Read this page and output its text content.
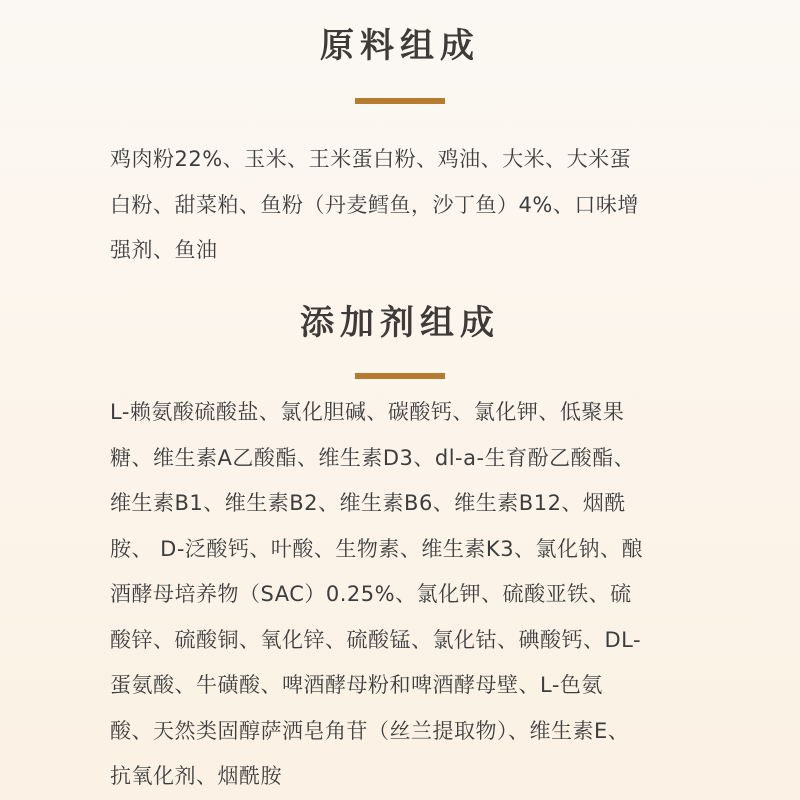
原料组成
鸡肉粉22%、玉米、王米蛋白粉、鸡油、大米、大米蛋
白粉、甜菜粕、鱼粉（丹麦鳕鱼，沙丁鱼）4%、口味增
强剂、鱼油
添加剂组成
L-赖氨酸硫酸盐、氯化胆碱、碳酸钙、氯化钾、低聚果
糖、维生素A乙酸酯、维生素D3、dl-a-生育酚乙酸酯、
维生素B1、维生素B2、维生素B6、维生素B12、烟酰
胺、 D-泛酸钙、叶酸、生物素、维生素K3、氯化钠、酿
酒酵母培养物（SAC）0.25%、氯化钾、硫酸亚铁、硫
酸锌、硫酸铜、氧化锌、硫酸锰、氯化钴、碘酸钙、DL-
蛋氨酸、牛磺酸、啤酒酵母粉和啤酒酵母壁、L-色氨
酸、天然类固醇萨洒皂角苷（丝兰提取物）、维生素E、
抗氧化剂、烟酰胺
